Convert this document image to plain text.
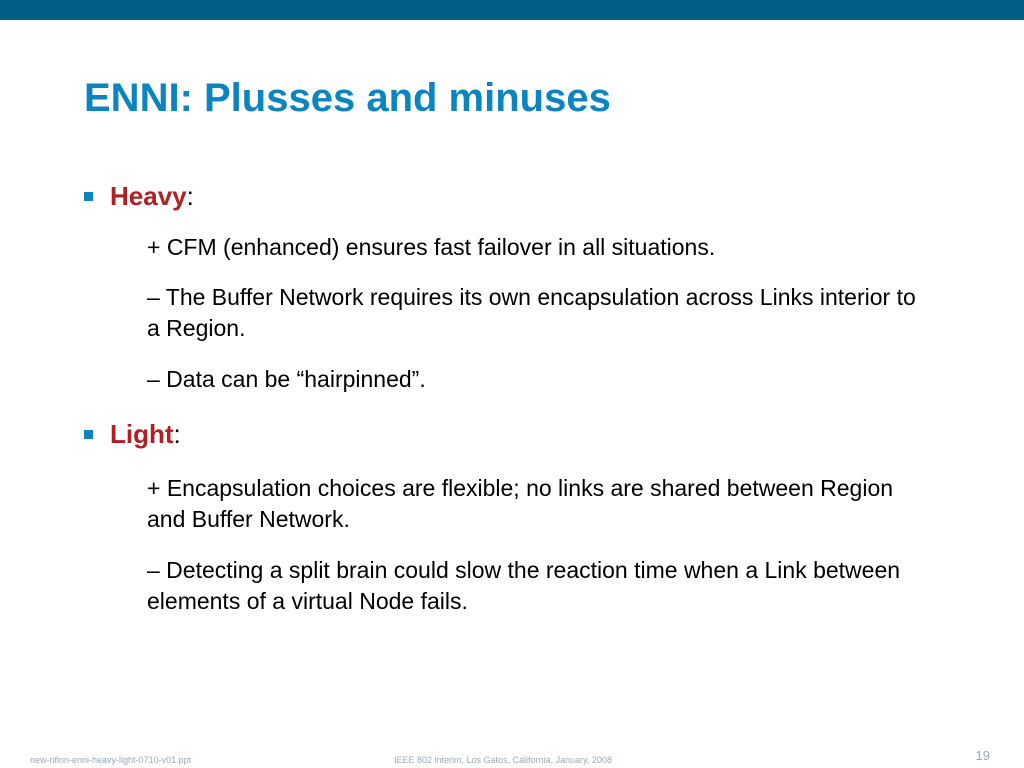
ENNI: Plusses and minuses
Heavy :

+ CFM (enhanced) ensures fast failover in all situations.

– The Buffer Network requires its own encapsulation across Links interior to a Region.

– Data can be “hairpinned”.

Light :

+ Encapsulation choices are flexible; no links are shared between Region and Buffer Network.

– Detecting a split brain could slow the reaction time when a Link between elements of a virtual Node fails.

new-nfinn-enni-heavy-light-0710-v01.ppt	IEEE 802 interim, Los Gatos, California, January, 2008	19
